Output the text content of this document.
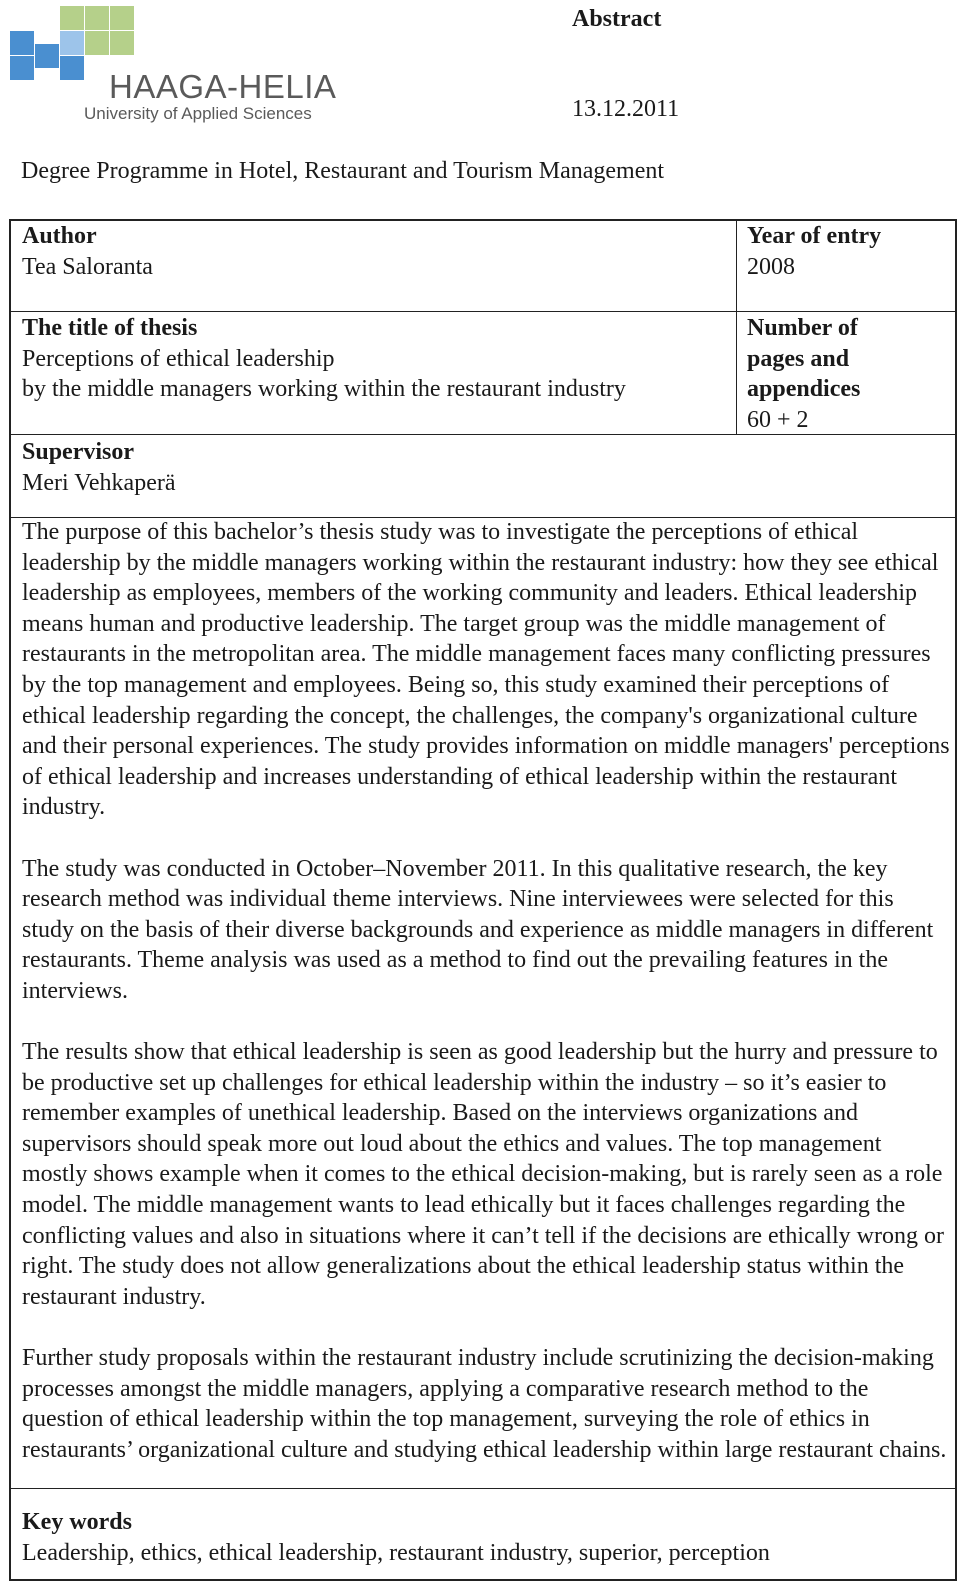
HAAGA-HELIA
University of Applied Sciences
Abstract
13.12.2011
Degree Programme in Hotel, Restaurant and Tourism Management
Author
Tea Saloranta
Year of entry
2008
The title of thesis
Perceptions of ethical leadership
by the middle managers working within the restaurant industry
Number of
pages and
appendices
60 + 2
Supervisor
Meri Vehkaperä

The purpose of this bachelor’s thesis study was to investigate the perceptions of ethical leadership by the middle managers working within the restaurant industry: how they see ethical leadership as employees, members of the working community and leaders. Ethical leadership means human and productive leadership. The target group was the middle management of restaurants in the metropolitan area. The middle management faces many conflicting pressures by the top management and employees. Being so, this study examined their perceptions of ethical leadership regarding the concept, the challenges, the company's organizational culture and their personal experiences. The study provides information on middle managers' perceptions of ethical leadership and increases understanding of ethical leadership within the restaurant industry.

The study was conducted in October–November 2011. In this qualitative research, the key research method was individual theme interviews. Nine interviewees were selected for this study on the basis of their diverse backgrounds and experience as middle managers in different restaurants. Theme analysis was used as a method to find out the prevailing features in the interviews.

The results show that ethical leadership is seen as good leadership but the hurry and pressure to be productive set up challenges for ethical leadership within the industry – so it’s easier to remember examples of unethical leadership. Based on the interviews organizations and supervisors should speak more out loud about the ethics and values. The top management mostly shows example when it comes to the ethical decision-making, but is rarely seen as a role model. The middle management wants to lead ethically but it faces challenges regarding the conflicting values and also in situations where it can’t tell if the decisions are ethically wrong or right. The study does not allow generalizations about the ethical leadership status within the restaurant industry.

Further study proposals within the restaurant industry include scrutinizing the decision-making processes amongst the middle managers, applying a comparative research method to the question of ethical leadership within the top management, surveying the role of ethics in restaurants’ organizational culture and studying ethical leadership within large restaurant chains.

Key words
Leadership, ethics, ethical leadership, restaurant industry, superior, perception
